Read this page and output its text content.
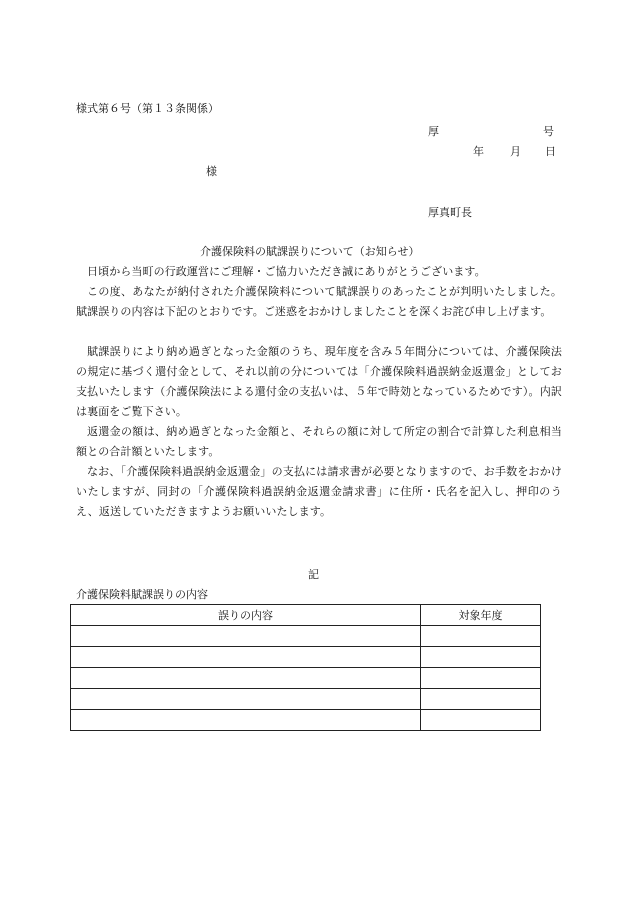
様式第６号（第１３条関係）
厚	号
年 月 日
様
厚真町長
介護保険料の賦課誤りについて（お知らせ）

日頃から当町の行政運営にご理解・ご協力いただき誠にありがとうございます。

この度、あなたが納付された介護保険料について賦課誤りのあったことが判明いたしました。賦課誤りの内容は下記のとおりです。ご迷惑をおかけしましたことを深くお詫び申し上げます。

賦課誤りにより納め過ぎとなった金額のうち、現年度を含み５年間分については、介護保険法の規定に基づく還付金として、それ以前の分については「介護保険料過誤納金返還金」としてお支払いたします（介護保険法による還付金の支払いは、５年で時効となっているためです）。内訳は裏面をご覧下さい。

返還金の額は、納め過ぎとなった金額と、それらの額に対して所定の割合で計算した利息相当額との合計額といたします。

なお、「介護保険料過誤納金返還金」の支払には請求書が必要となりますので、お手数をおかけいたしますが、同封の「介護保険料過誤納金返還金請求書」に住所・氏名を記入し、押印のうえ、返送していただきますようお願いいたします。

記
介護保険料賦課誤りの内容
誤りの内容	対象年度
